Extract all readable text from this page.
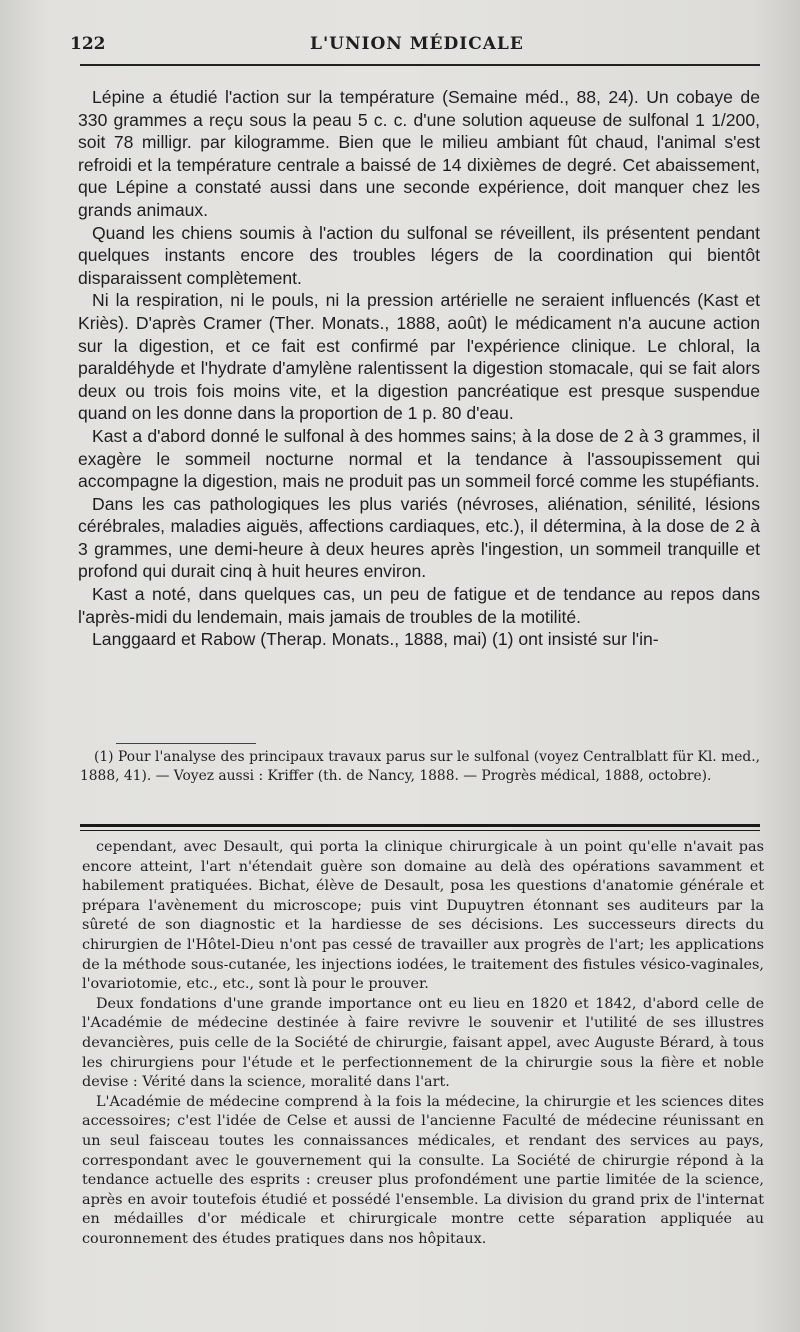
122	L'UNION MÉDICALE

Lépine a étudié l'action sur la température (Semaine méd., 88, 24). Un cobaye de 330 grammes a reçu sous la peau 5 c. c. d'une solution aqueuse de sulfonal 1 1/200, soit 78 milligr. par kilogramme. Bien que le milieu ambiant fût chaud, l'animal s'est refroidi et la température centrale a baissé de 14 dixièmes de degré. Cet abaissement, que Lépine a constaté aussi dans une seconde expérience, doit manquer chez les grands animaux.

Quand les chiens soumis à l'action du sulfonal se réveillent, ils présentent pendant quelques instants encore des troubles légers de la coordination qui bientôt disparaissent complètement.

Ni la respiration, ni le pouls, ni la pression artérielle ne seraient influencés (Kast et Kriès). D'après Cramer (Ther. Monats., 1888, août) le médicament n'a aucune action sur la digestion, et ce fait est confirmé par l'expérience clinique. Le chloral, la paraldéhyde et l'hydrate d'amylène ralentissent la digestion stomacale, qui se fait alors deux ou trois fois moins vite, et la digestion pancréatique est presque suspendue quand on les donne dans la proportion de 1 p. 80 d'eau.

Kast a d'abord donné le sulfonal à des hommes sains; à la dose de 2 à 3 grammes, il exagère le sommeil nocturne normal et la tendance à l'assoupissement qui accompagne la digestion, mais ne produit pas un sommeil forcé comme les stupéfiants.

Dans les cas pathologiques les plus variés (névroses, aliénation, sénilité, lésions cérébrales, maladies aiguës, affections cardiaques, etc.), il détermina, à la dose de 2 à 3 grammes, une demi-heure à deux heures après l'ingestion, un sommeil tranquille et profond qui durait cinq à huit heures environ.

Kast a noté, dans quelques cas, un peu de fatigue et de tendance au repos dans l'après-midi du lendemain, mais jamais de troubles de la motilité.

Langgaard et Rabow (Therap. Monats., 1888, mai) (1) ont insisté sur l'in-

(1) Pour l'analyse des principaux travaux parus sur le sulfonal (voyez Centralblatt für Kl. med., 1888, 41). — Voyez aussi : Kriffer (th. de Nancy, 1888. — Progrès médical, 1888, octobre).

cependant, avec Desault, qui porta la clinique chirurgicale à un point qu'elle n'avait pas encore atteint, l'art n'étendait guère son domaine au delà des opérations savamment et habilement pratiquées. Bichat, élève de Desault, posa les questions d'anatomie générale et prépara l'avènement du microscope; puis vint Dupuytren étonnant ses auditeurs par la sûreté de son diagnostic et la hardiesse de ses décisions. Les successeurs directs du chirurgien de l'Hôtel-Dieu n'ont pas cessé de travailler aux progrès de l'art; les applications de la méthode sous-cutanée, les injections iodées, le traitement des fistules vésico-vaginales, l'ovariotomie, etc., etc., sont là pour le prouver.

Deux fondations d'une grande importance ont eu lieu en 1820 et 1842, d'abord celle de l'Académie de médecine destinée à faire revivre le souvenir et l'utilité de ses illustres devancières, puis celle de la Société de chirurgie, faisant appel, avec Auguste Bérard, à tous les chirurgiens pour l'étude et le perfectionnement de la chirurgie sous la fière et noble devise : Vérité dans la science, moralité dans l'art.

L'Académie de médecine comprend à la fois la médecine, la chirurgie et les sciences dites accessoires; c'est l'idée de Celse et aussi de l'ancienne Faculté de médecine réunissant en un seul faisceau toutes les connaissances médicales, et rendant des services au pays, correspondant avec le gouvernement qui la consulte. La Société de chirurgie répond à la tendance actuelle des esprits : creuser plus profondément une partie limitée de la science, après en avoir toutefois étudié et possédé l'ensemble. La division du grand prix de l'internat en médailles d'or médicale et chirurgicale montre cette séparation appliquée au couronnement des études pratiques dans nos hôpitaux.
